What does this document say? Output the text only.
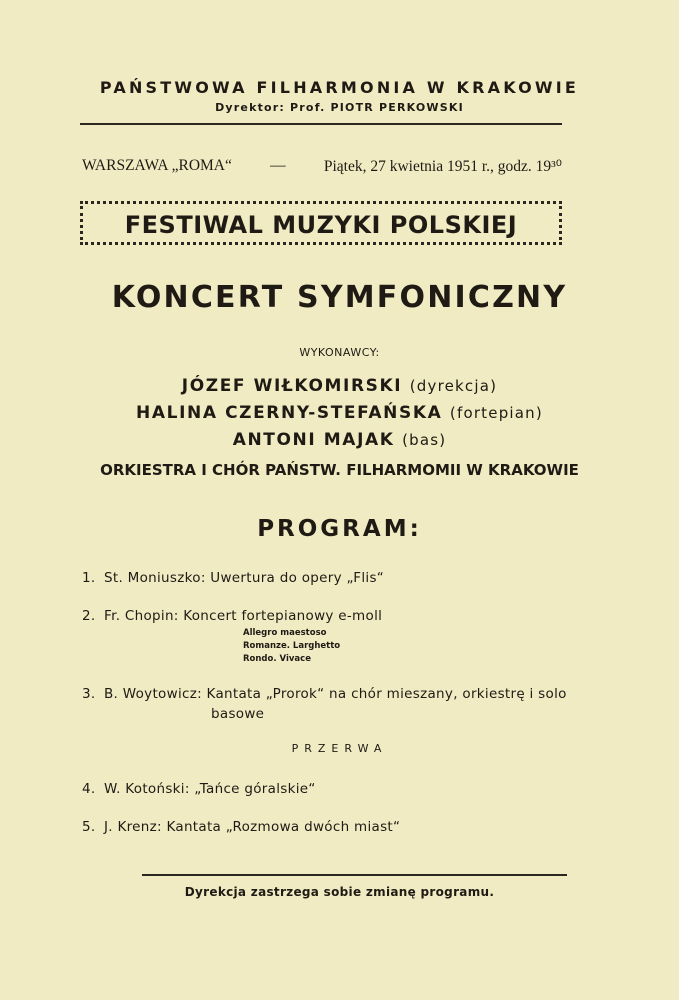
PAŃSTWOWA FILHARMONIA W KRAKOWIE
Dyrektor: Prof. PIOTR PERKOWSKI
WARSZAWA „ROMA“ — Piątek, 27 kwietnia 1951 r., godz. 19³⁰
FESTIWAL MUZYKI POLSKIEJ
KONCERT SYMFONICZNY
WYKONAWCY:
JÓZEF WIŁKOMIRSKI (dyrekcja)
HALINA CZERNY-STEFAŃSKA (fortepian)
ANTONI MAJAK (bas)
ORKIESTRA I CHÓR PAŃSTW. FILHARMOMII W KRAKOWIE
PROGRAM:
1. St. Moniuszko: Uwertura do opery „Flis“
2. Fr. Chopin: Koncert fortepianowy e-moll
Allegro maestoso
Romanze. Larghetto
Rondo. Vivace
3. B. Woytowicz: Kantata „Prorok“ na chór mieszany, orkiestrę i solo
basowe
PRZERWA
4. W. Kotoński: „Tańce góralskie“
5. J. Krenz: Kantata „Rozmowa dwóch miast“
Dyrekcja zastrzega sobie zmianę programu.
